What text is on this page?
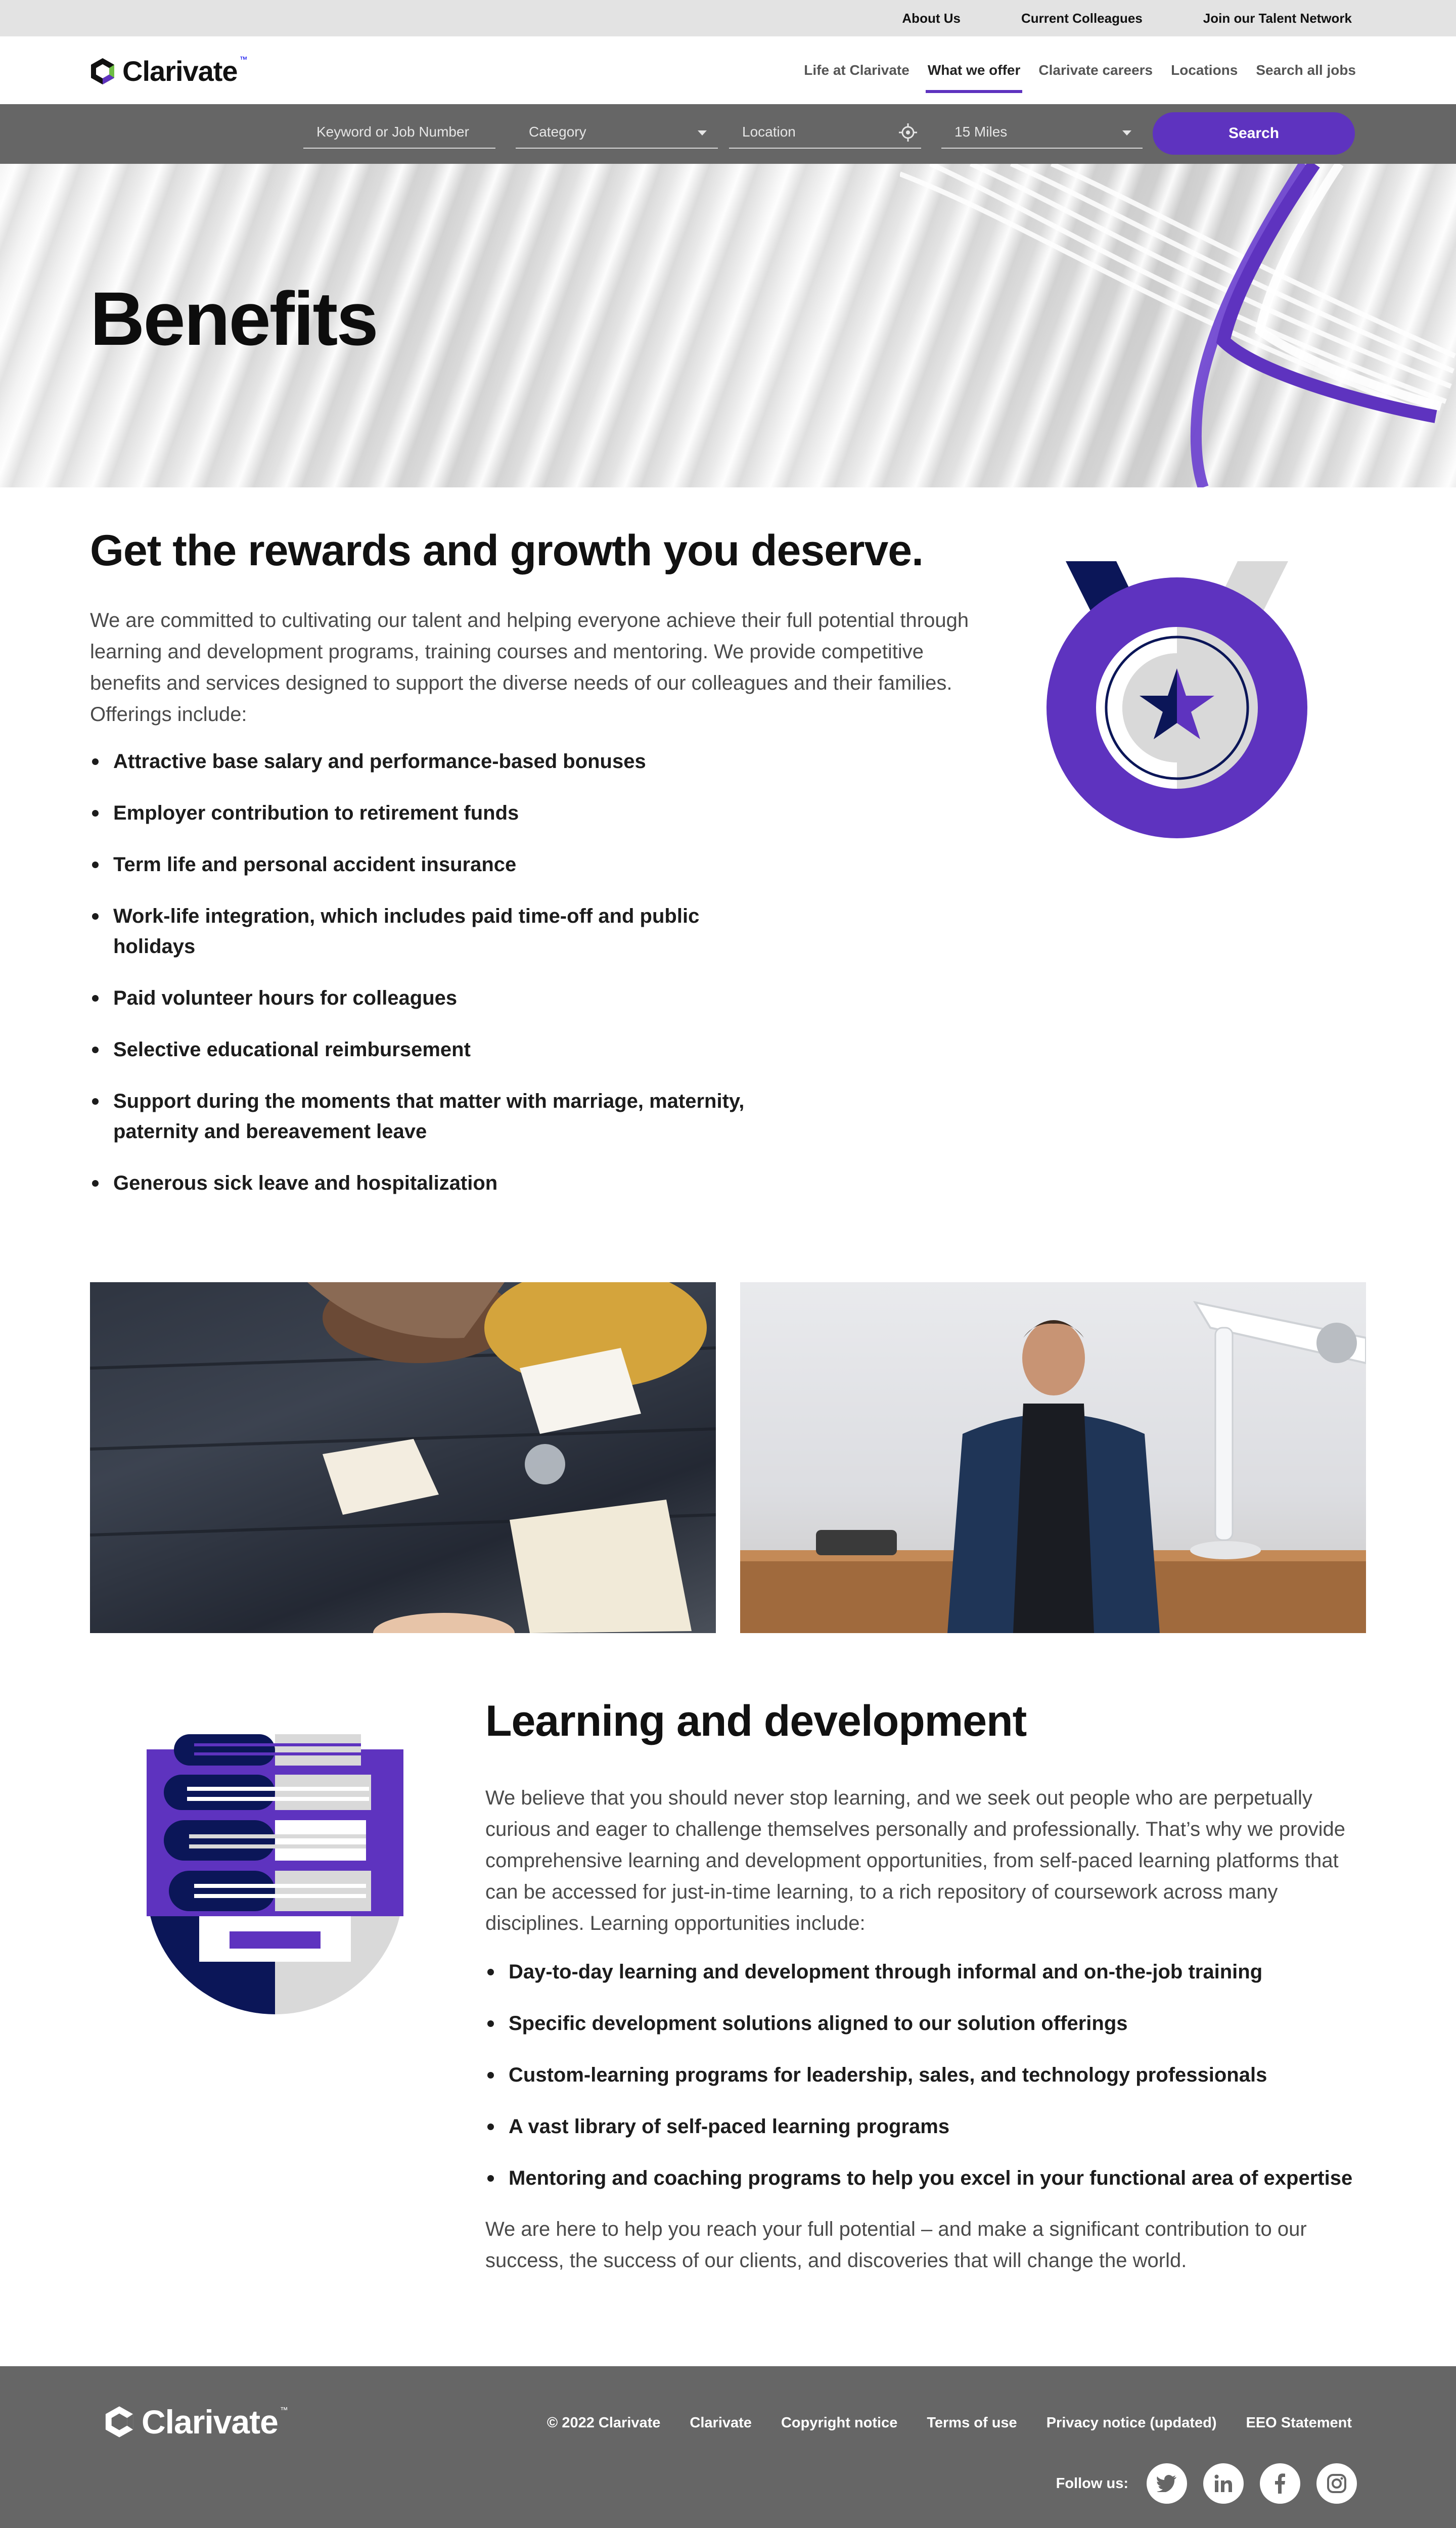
About Us	Current Colleagues	Join our Talent Network
Clarivate ™
Life at Clarivate What we offer Clarivate careers Locations Search all jobs
Keyword or Job Number
Category
Location	15 Miles	Search
Benefits
Get the rewards and growth you deserve.

We are committed to cultivating our talent and helping everyone achieve their full potential through learning and development programs, training courses and mentoring. We provide competitive benefits and services designed to support the diverse needs of our colleagues and their families. Offerings include:

Attractive base salary and performance-based bonuses
Employer contribution to retirement funds
Term life and personal accident insurance
Work-life integration, which includes paid time-off and public holidays
Paid volunteer hours for colleagues
Selective educational reimbursement
Support during the moments that matter with marriage, maternity, paternity and bereavement leave
Generous sick leave and hospitalization
Learning and development

We believe that you should never stop learning, and we seek out people who are perpetually curious and eager to challenge themselves personally and professionally. That’s why we provide comprehensive learning and development opportunities, from self-paced learning platforms that can be accessed for just-in-time learning, to a rich repository of coursework across many disciplines. Learning opportunities include:

Day-to-day learning and development through informal and on-the-job training
Specific development solutions aligned to our solution offerings
Custom-learning programs for leadership, sales, and technology professionals
A vast library of self-paced learning programs
Mentoring and coaching programs to help you excel in your functional area of expertise

We are here to help you reach your full potential – and make a significant contribution to our success, the success of our clients, and discoveries that will change the world.

Clarivate ™
© 2022 Clarivate Clarivate Copyright notice Terms of use Privacy notice (updated) EEO Statement
Follow us:
